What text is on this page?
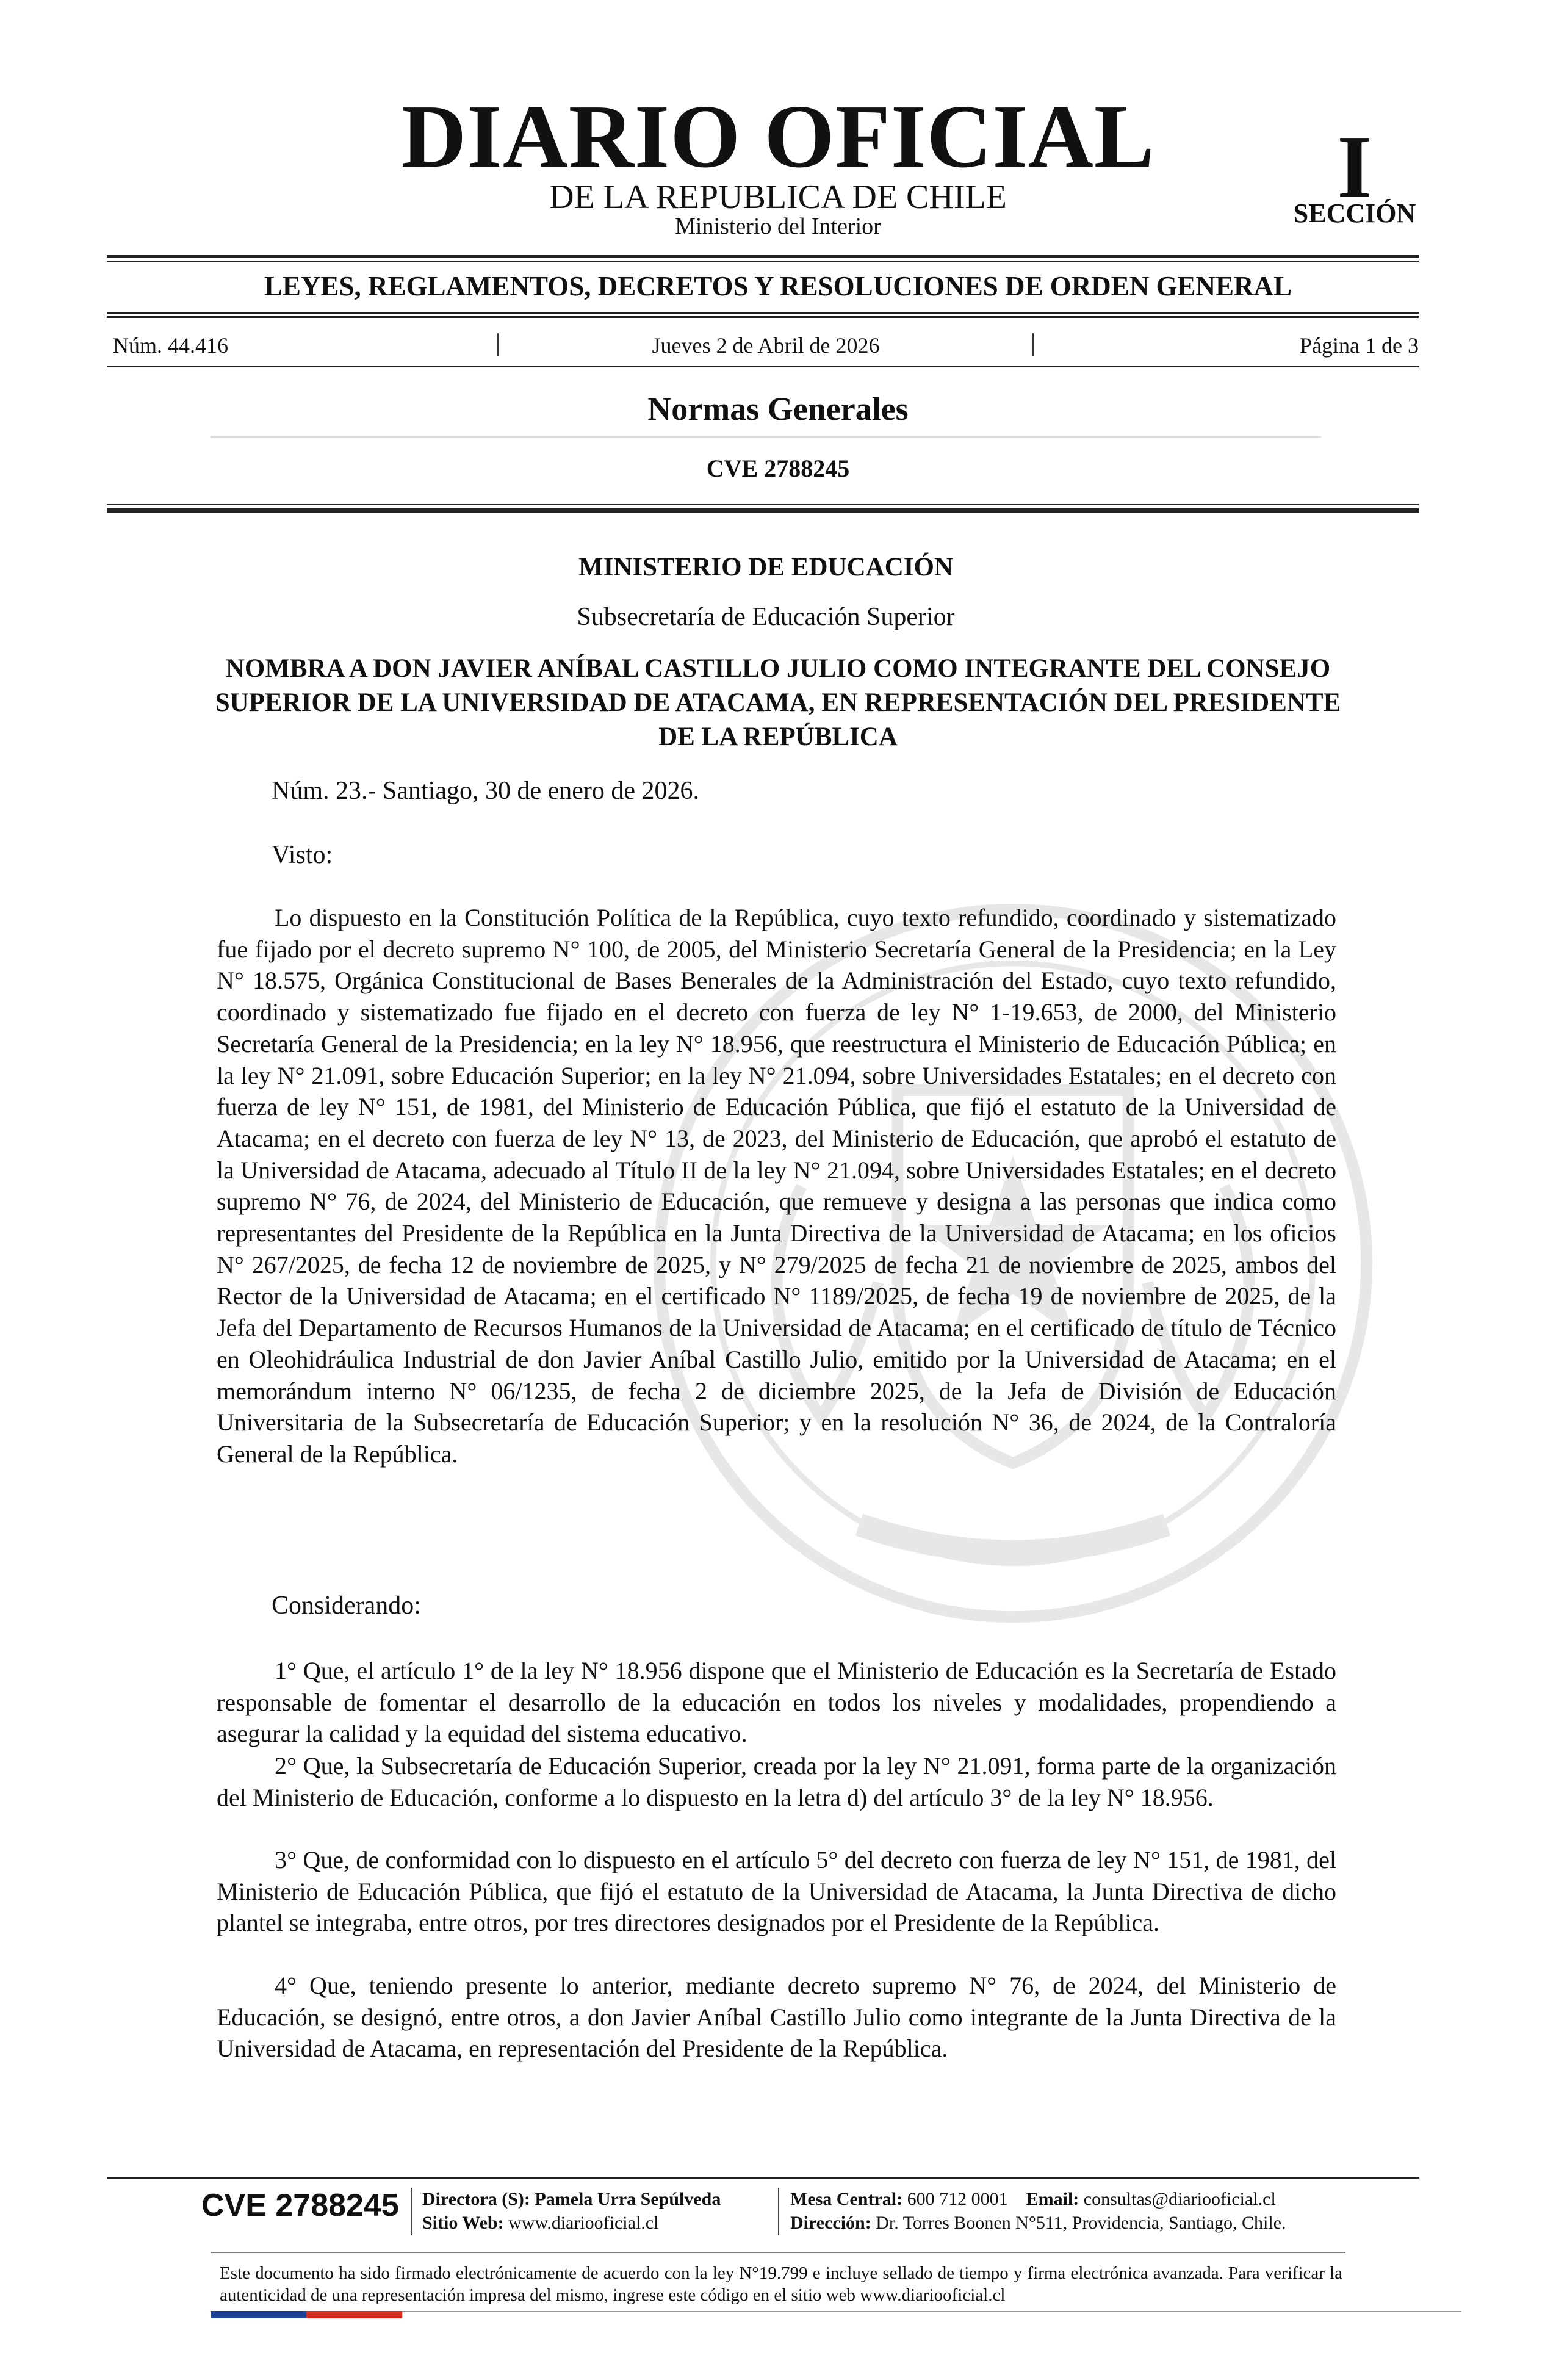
DIARIO OFICIAL
DE LA REPUBLICA DE CHILE
Ministerio del Interior
I
SECCIÓN
LEYES, REGLAMENTOS, DECRETOS Y RESOLUCIONES DE ORDEN GENERAL
Núm. 44.416	Jueves 2 de Abril de 2026	Página 1 de 3
Normas Generales
CVE 2788245
MINISTERIO DE EDUCACIÓN
Subsecretaría de Educación Superior
NOMBRA A DON JAVIER ANÍBAL CASTILLO JULIO COMO INTEGRANTE DEL CONSEJO SUPERIOR DE LA UNIVERSIDAD DE ATACAMA, EN REPRESENTACIÓN DEL PRESIDENTE DE LA REPÚBLICA
Núm. 23.- Santiago, 30 de enero de 2026.
Visto:
Lo dispuesto en la Constitución Política de la República, cuyo texto refundido, coordinado y sistematizado fue fijado por el decreto supremo N° 100, de 2005, del Ministerio Secretaría General de la Presidencia; en la Ley N° 18.575, Orgánica Constitucional de Bases Benerales de la Administración del Estado, cuyo texto refundido, coordinado y sistematizado fue fijado en el decreto con fuerza de ley N° 1-19.653, de 2000, del Ministerio Secretaría General de la Presidencia; en la ley N° 18.956, que reestructura el Ministerio de Educación Pública; en la ley N° 21.091, sobre Educación Superior; en la ley N° 21.094, sobre Universidades Estatales; en el decreto con fuerza de ley N° 151, de 1981, del Ministerio de Educación Pública, que fijó el estatuto de la Universidad de Atacama; en el decreto con fuerza de ley N° 13, de 2023, del Ministerio de Educación, que aprobó el estatuto de la Universidad de Atacama, adecuado al Título II de la ley N° 21.094, sobre Universidades Estatales; en el decreto supremo N° 76, de 2024, del Ministerio de Educación, que remueve y designa a las personas que indica como representantes del Presidente de la República en la Junta Directiva de la Universidad de Atacama; en los oficios N° 267/2025, de fecha 12 de noviembre de 2025, y N° 279/2025 de fecha 21 de noviembre de 2025, ambos del Rector de la Universidad de Atacama; en el certificado N° 1189/2025, de fecha 19 de noviembre de 2025, de la Jefa del Departamento de Recursos Humanos de la Universidad de Atacama; en el certificado de título de Técnico en Oleohidráulica Industrial de don Javier Aníbal Castillo Julio, emitido por la Universidad de Atacama; en el memorándum interno N° 06/1235, de fecha 2 de diciembre 2025, de la Jefa de División de Educación Universitaria de la Subsecretaría de Educación Superior; y en la resolución N° 36, de 2024, de la Contraloría General de la República.
Considerando:
1° Que, el artículo 1° de la ley N° 18.956 dispone que el Ministerio de Educación es la Secretaría de Estado responsable de fomentar el desarrollo de la educación en todos los niveles y modalidades, propendiendo a asegurar la calidad y la equidad del sistema educativo.
2° Que, la Subsecretaría de Educación Superior, creada por la ley N° 21.091, forma parte de la organización del Ministerio de Educación, conforme a lo dispuesto en la letra d) del artículo 3° de la ley N° 18.956.
3° Que, de conformidad con lo dispuesto en el artículo 5° del decreto con fuerza de ley N° 151, de 1981, del Ministerio de Educación Pública, que fijó el estatuto de la Universidad de Atacama, la Junta Directiva de dicho plantel se integraba, entre otros, por tres directores designados por el Presidente de la República.
4° Que, teniendo presente lo anterior, mediante decreto supremo N° 76, de 2024, del Ministerio de Educación, se designó, entre otros, a don Javier Aníbal Castillo Julio como integrante de la Junta Directiva de la Universidad de Atacama, en representación del Presidente de la República.
CVE 2788245 Directora (S): Pamela Urra Sepúlveda
Sitio Web: www.diariooficial.cl
Mesa Central: 600 712 0001 Email: consultas@diariooficial.cl
Dirección: Dr. Torres Boonen N°511, Providencia, Santiago, Chile.
Este documento ha sido firmado electrónicamente de acuerdo con la ley N°19.799 e incluye sellado de tiempo y firma electrónica avanzada. Para verificar la autenticidad de una representación impresa del mismo, ingrese este código en el sitio web www.diariooficial.cl
